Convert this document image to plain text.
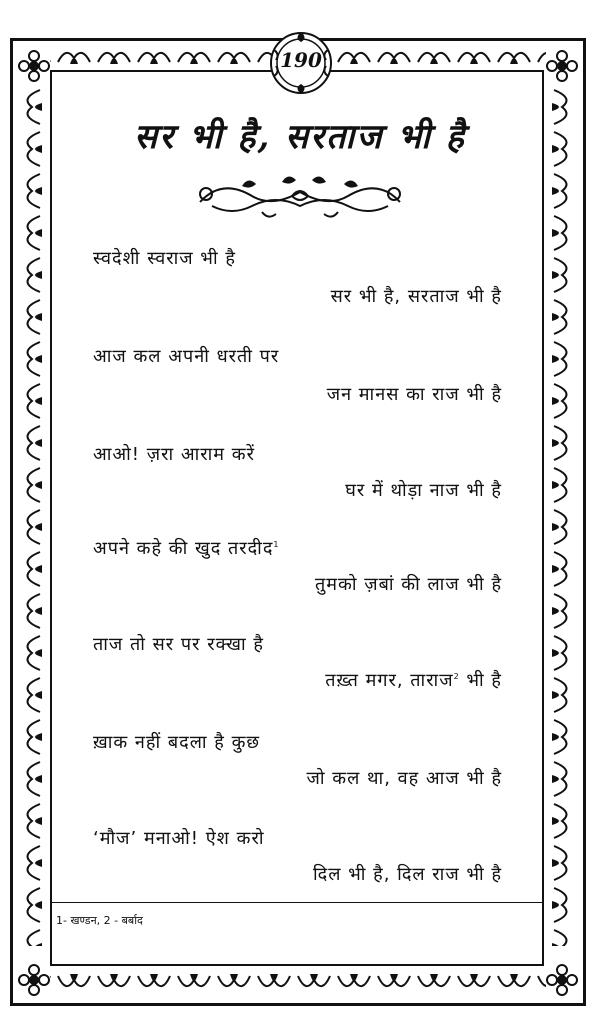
190
सर भी है, सरताज भी है
स्वदेशी स्वराज भी है
सर भी है, सरताज भी है
आज कल अपनी धरती पर
जन मानस का राज भी है
आओ! ज़रा आराम करें
घर में थोड़ा नाज भी है
अपने कहे की खुद तरदीद$^1$
तुमको ज़बां की लाज भी है
ताज तो सर पर रक्खा है
तख़्त मगर, ताराज$^2$ भी है
ख़ाक नहीं बदला है कुछ
जो कल था, वह आज भी है
‘मौज’ मनाओ! ऐश करो
दिल भी है, दिल राज भी है
1- खण्डन, 2 - बर्बाद
